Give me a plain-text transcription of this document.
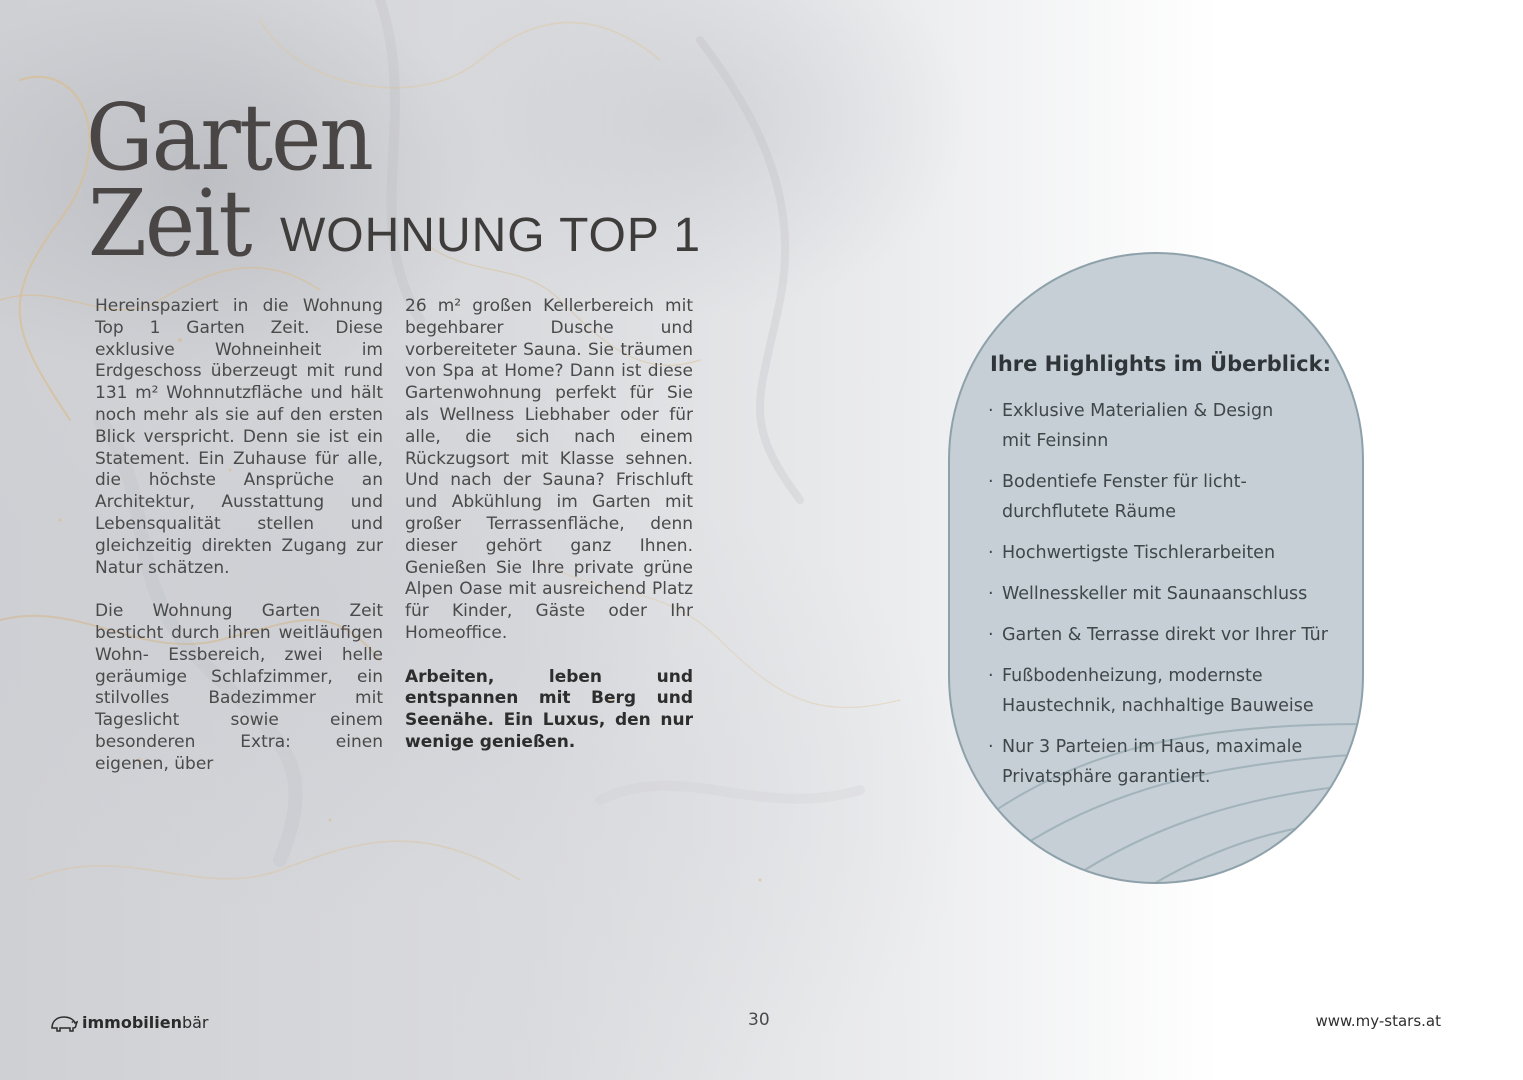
Garten
Zeit WOHNUNG TOP 1

Hereinspaziert in die Wohnung Top 1 Garten Zeit. Diese exklusive Wohneinheit im Erdgeschoss überzeugt mit rund 131 m² Wohnnutzfläche und hält noch mehr als sie auf den ersten Blick verspricht. Denn sie ist ein Statement. Ein Zuhause für alle, die höchste Ansprüche an Architektur, Ausstattung und Lebensqualität stellen und gleichzeitig direkten Zugang zur Natur schätzen.

Die Wohnung Garten Zeit besticht durch ihren weitläufigen Wohn- Essbereich, zwei helle geräumige Schlafzimmer, ein stilvolles Badezimmer mit Tageslicht sowie einem besonderen Extra: einen eigenen, über

26 m² großen Kellerbereich mit begehbarer Dusche und vorbereiteter Sauna. Sie träumen von Spa at Home? Dann ist diese Gartenwohnung perfekt für Sie als Wellness Liebhaber oder für alle, die sich nach einem Rückzugsort mit Klasse sehnen. Und nach der Sauna? Frischluft und Abkühlung im Garten mit großer Terrassenfläche, denn dieser gehört ganz Ihnen. Genießen Sie Ihre private grüne Alpen Oase mit ausreichend Platz für Kinder, Gäste oder Ihr Homeoffice.

Arbeiten, leben und entspannen mit Berg und Seenähe. Ein Luxus, den nur wenige genießen.

Ihre Highlights im Überblick:
· Exklusive Materialien & Design
mit Feinsinn
· Bodentiefe Fenster für licht-
durchflutete Räume
· Hochwertigste Tischlerarbeiten
· Wellnesskeller mit Saunaanschluss
· Garten & Terrasse direkt vor Ihrer Tür
· Fußbodenheizung, modernste
Haustechnik, nachhaltige Bauweise
· Nur 3 Parteien im Haus, maximale
Privatsphäre garantiert.
immobilienbär	30	www.my-stars.at
